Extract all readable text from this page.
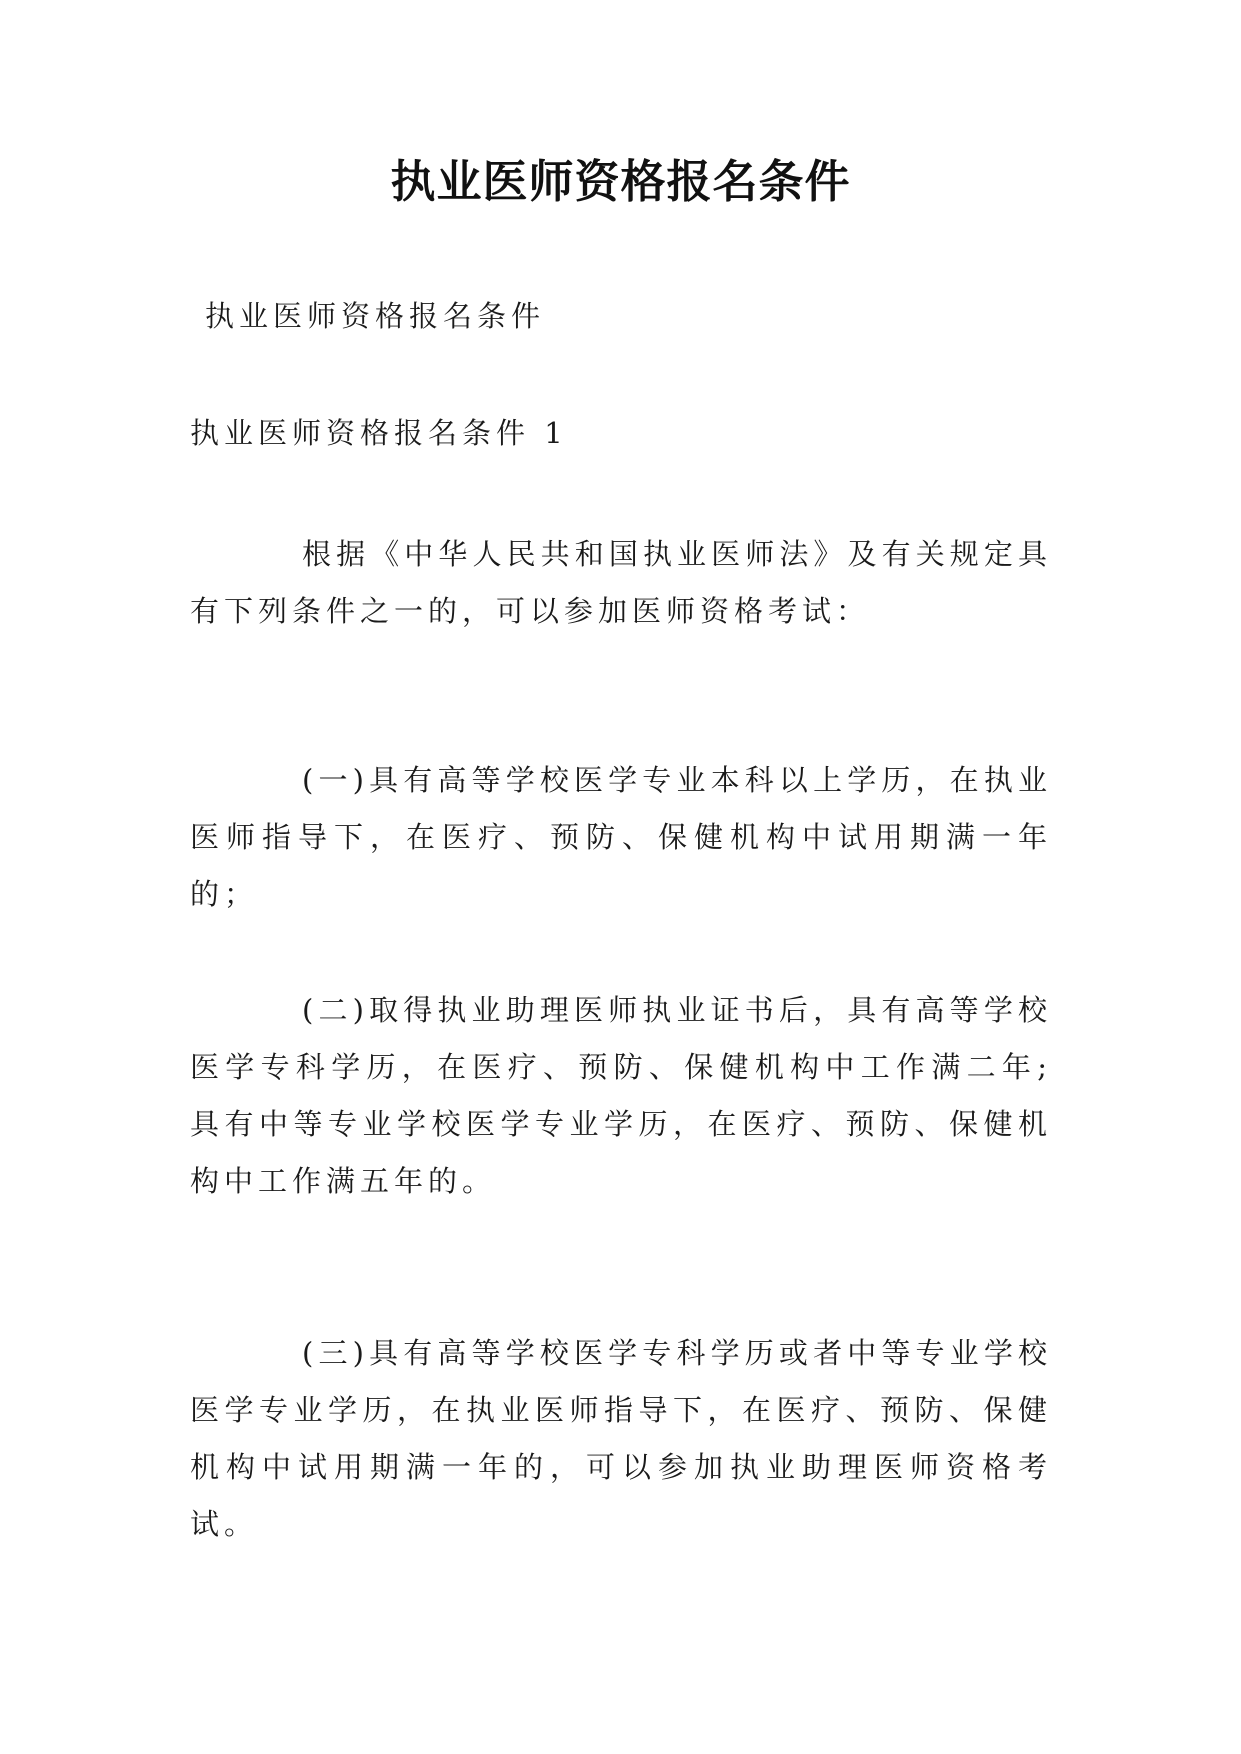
执业医师资格报名条件
执业医师资格报名条件
执业医师资格报名条件 1
根据《中华人民共和国执业医师法》及有关规定具有下列条件之一的，可以参加医师资格考试：
(一)具有高等学校医学专业本科以上学历，在执业医师指导下，在医疗、预防、保健机构中试用期满一年的；
(二)取得执业助理医师执业证书后，具有高等学校医学专科学历，在医疗、预防、保健机构中工作满二年;具有中等专业学校医学专业学历，在医疗、预防、保健机构中工作满五年的。
(三)具有高等学校医学专科学历或者中等专业学校医学专业学历，在执业医师指导下，在医疗、预防、保健机构中试用期满一年的，可以参加执业助理医师资格考试。
